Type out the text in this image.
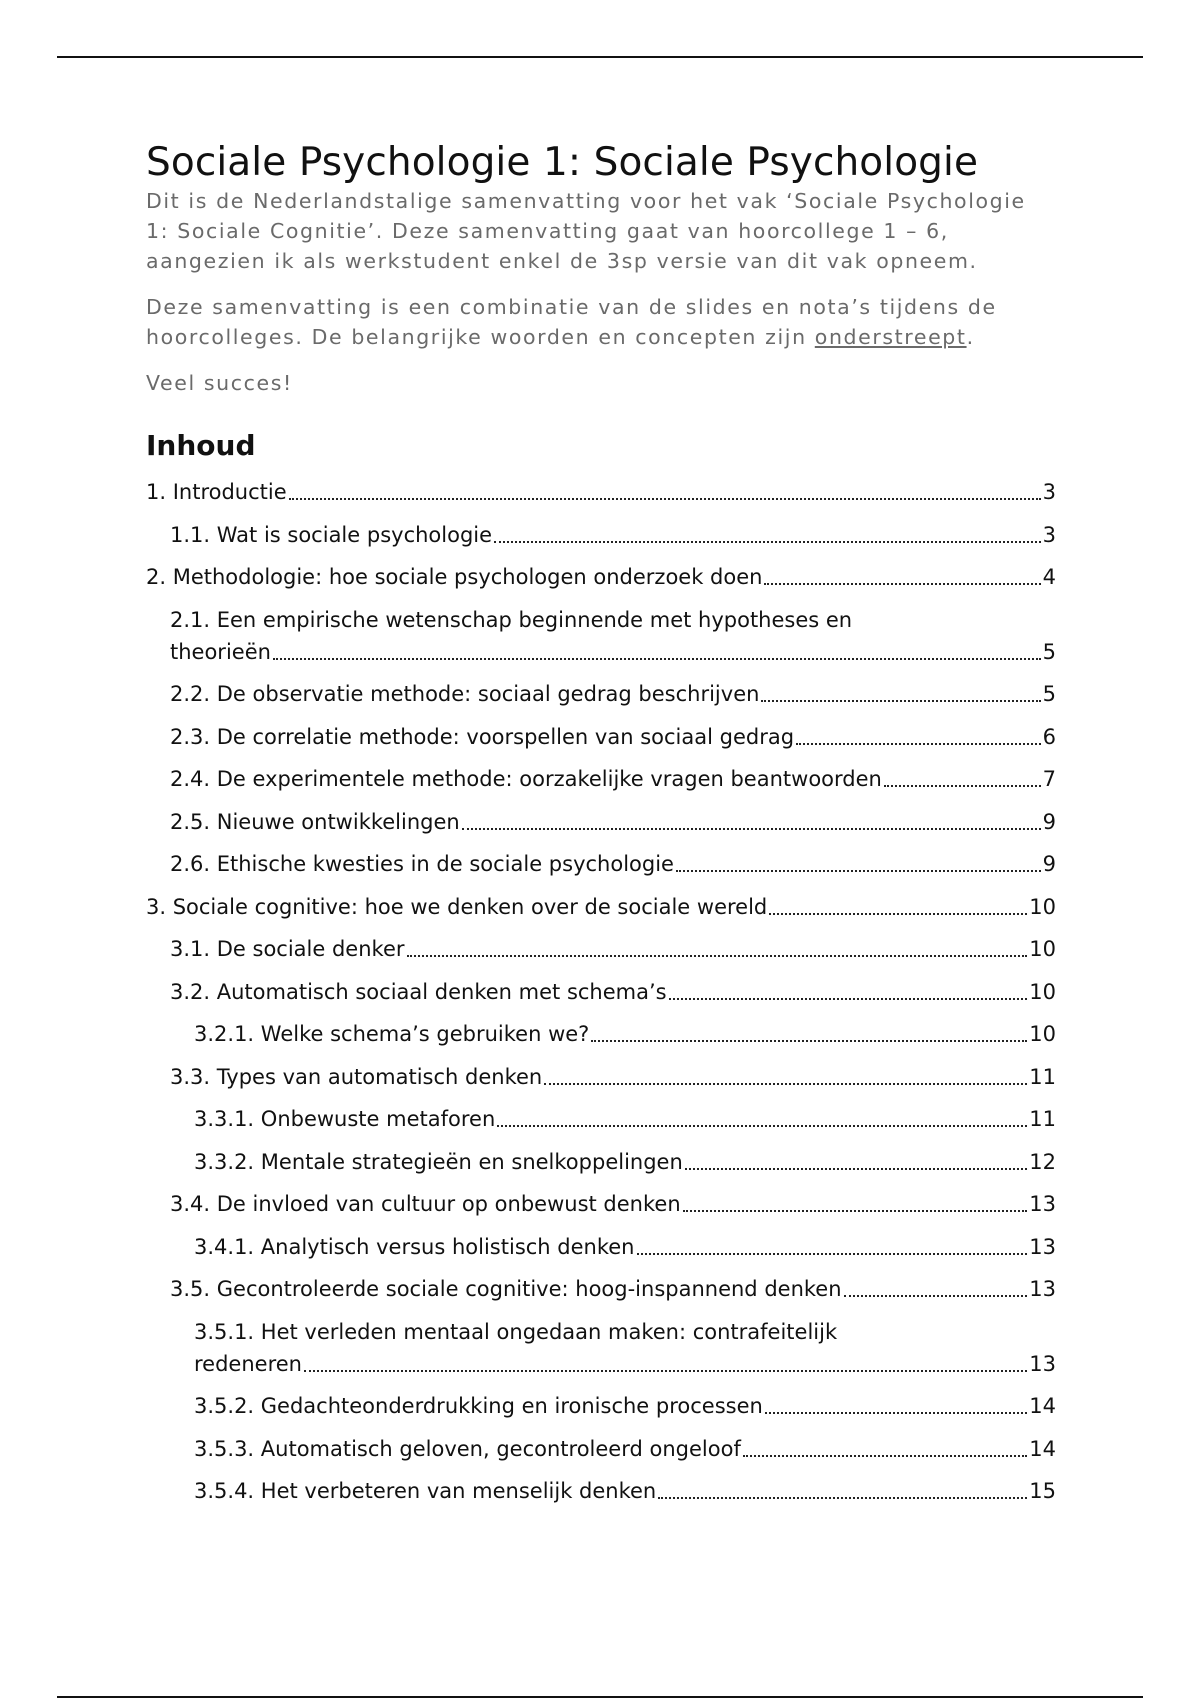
Sociale Psychologie 1: Sociale Psychologie

Dit is de Nederlandstalige samenvatting voor het vak ‘Sociale Psychologie 1: Sociale Cognitie’. Deze samenvatting gaat van hoorcollege 1 – 6, aangezien ik als werkstudent enkel de 3sp versie van dit vak opneem.

Deze samenvatting is een combinatie van de slides en nota’s tijdens de hoorcolleges. De belangrijke woorden en concepten zijn onderstreept.

Veel succes!

Inhoud
1. Introductie	3
1.1. Wat is sociale psychologie	3
2. Methodologie: hoe sociale psychologen onderzoek doen	4
2.1. Een empirische wetenschap beginnende met hypotheses en
theorieën	5
2.2. De observatie methode: sociaal gedrag beschrijven	5
2.3. De correlatie methode: voorspellen van sociaal gedrag	6
2.4. De experimentele methode: oorzakelijke vragen beantwoorden	7
2.5. Nieuwe ontwikkelingen	9
2.6. Ethische kwesties in de sociale psychologie	9
3. Sociale cognitive: hoe we denken over de sociale wereld	10
3.1. De sociale denker	10
3.2. Automatisch sociaal denken met schema’s	10
3.2.1. Welke schema’s gebruiken we?	10
3.3. Types van automatisch denken	11
3.3.1. Onbewuste metaforen	11
3.3.2. Mentale strategieën en snelkoppelingen	12
3.4. De invloed van cultuur op onbewust denken	13
3.4.1. Analytisch versus holistisch denken	13
3.5. Gecontroleerde sociale cognitive: hoog-inspannend denken	13
3.5.1. Het verleden mentaal ongedaan maken: contrafeitelijk
redeneren	13
3.5.2. Gedachteonderdrukking en ironische processen	14
3.5.3. Automatisch geloven, gecontroleerd ongeloof	14
3.5.4. Het verbeteren van menselijk denken	15
